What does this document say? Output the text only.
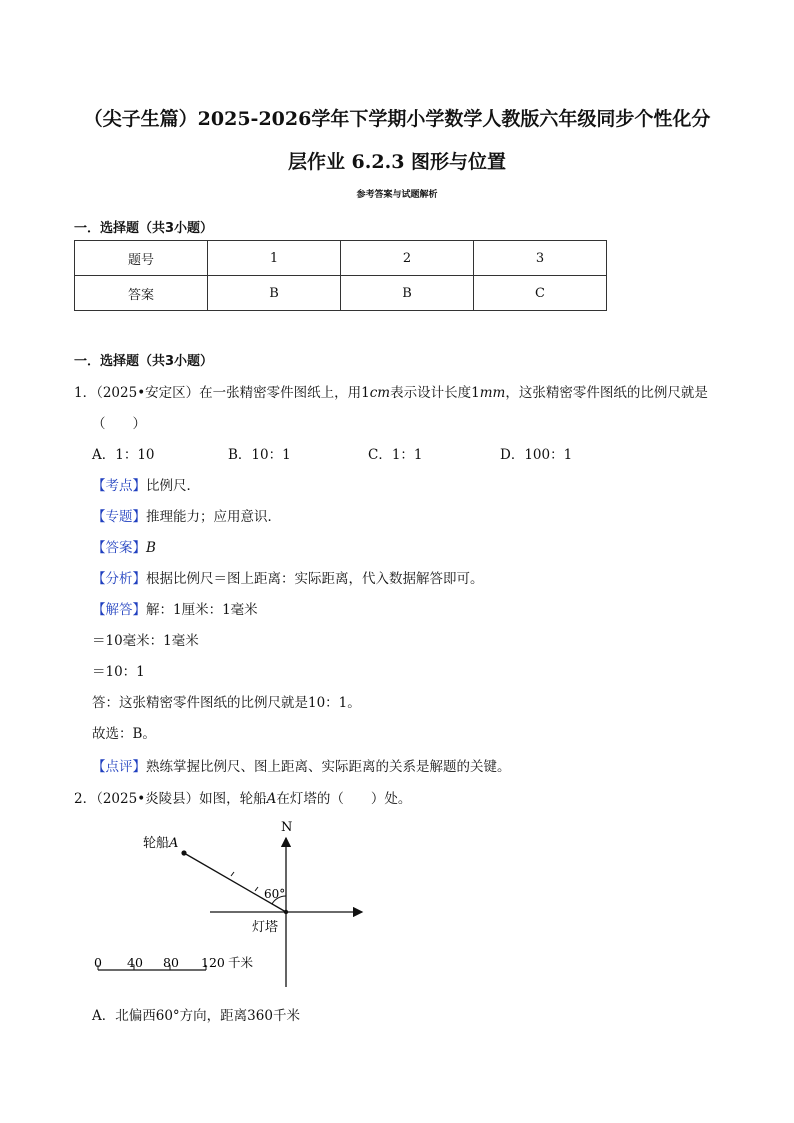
（尖子生篇）2025-2026学年下学期小学数学人教版六年级同步个性化分
层作业 6.2.3 图形与位置
参考答案与试题解析
一．选择题（共3小题）
题号	1	2	3
答案	B	B	C
一．选择题（共3小题）
1．（2025•安定区）在一张精密零件图纸上，用1cm表示设计长度1mm，这张精密零件图纸的比例尺就是
（　　）
A．1：10	B．10：1	C．1：1	D．100：1
【考点】比例尺．
【专题】推理能力；应用意识．
【答案】B
【分析】根据比例尺＝图上距离：实际距离，代入数据解答即可。
【解答】解：1厘米：1毫米
＝10毫米：1毫米
＝10：1
答：这张精密零件图纸的比例尺就是10：1。
故选：B。
【点评】熟练掌握比例尺、图上距离、实际距离的关系是解题的关键。
2．（2025•炎陵县）如图，轮船A在灯塔的（　　）处。
N
轮船A
60°
灯塔
0 40 80 120 千米
A．北偏西60°方向，距离360千米
